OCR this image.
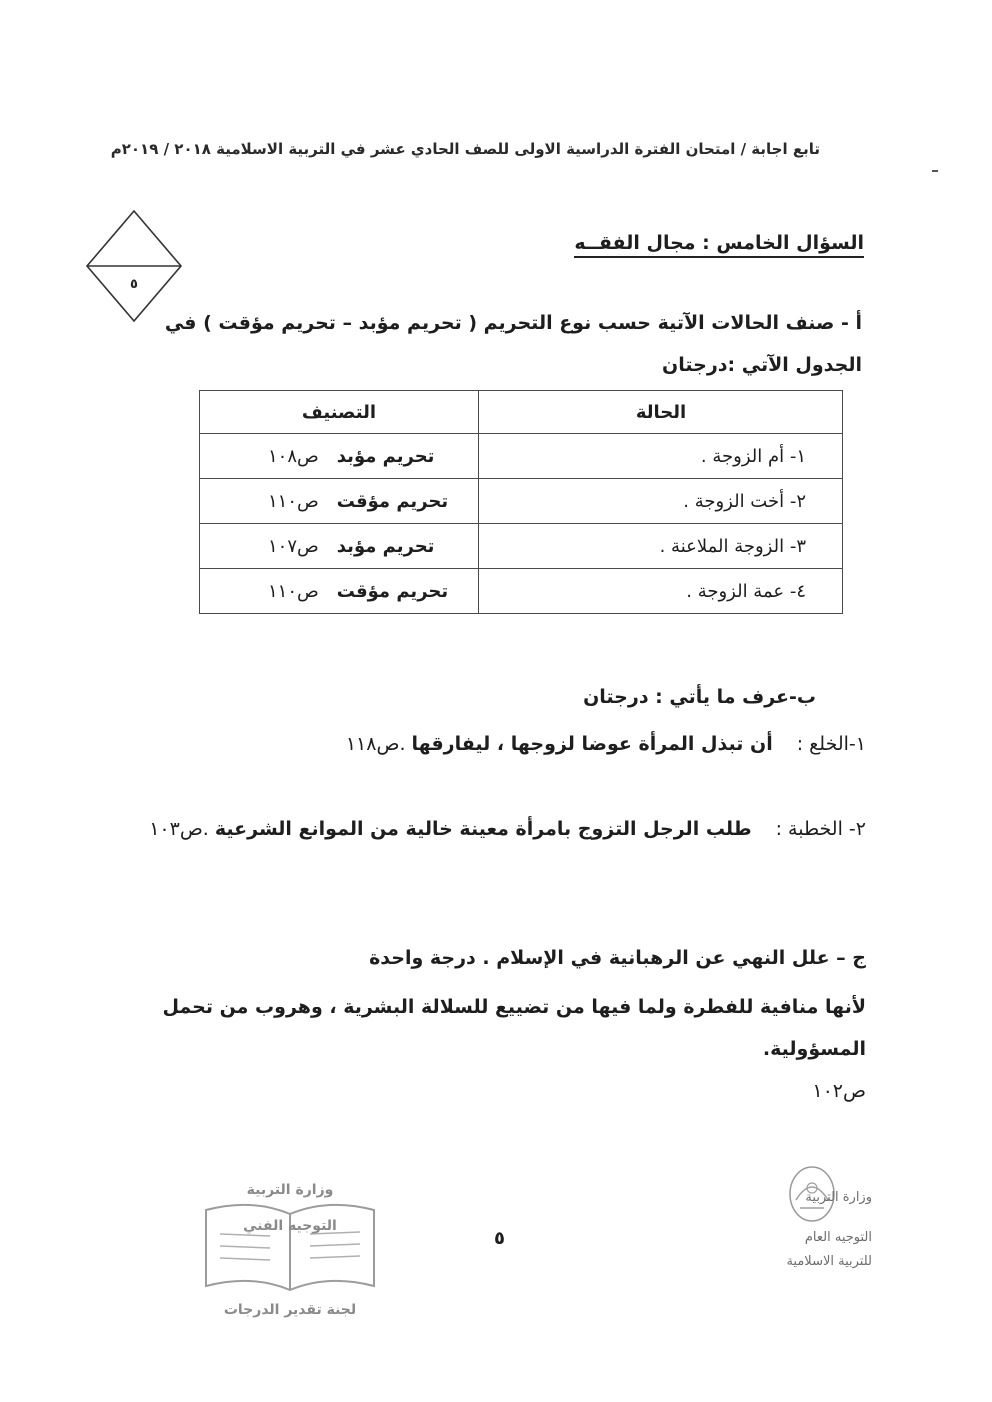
تابع اجابة / امتحان الفترة الدراسية الاولى للصف الحادي عشر في التربية الاسلامية ٢٠١٨ / ٢٠١٩م
٥
السؤال الخامس : مجال الفقــه
أ - صنف الحالات الآتية حسب نوع التحريم ( تحريم مؤبد – تحريم مؤقت ) في الجدول الآتي :درجتان
الحالة	التصنيف
١- أم الزوجة .	تحريم مؤبدص١٠٨
٢- أخت الزوجة .	تحريم مؤقتص١١٠
٣- الزوجة الملاعنة .	تحريم مؤبدص١٠٧
٤- عمة الزوجة .	تحريم مؤقتص١١٠
ب-عرف ما يأتي : درجتان
١-الخلع :أن تبذل المرأة عوضا لزوجها ، ليفارقها .ص١١٨
٢- الخطبة :طلب الرجل التزوج بامرأة معينة خالية من الموانع الشرعية .ص١٠٣
ج – علل النهي عن الرهبانية في الإسلام . درجة واحدة
لأنها منافية للفطرة ولما فيها من تضييع للسلالة البشرية ، وهروب من تحمل المسؤولية.
ص١٠٢
٥
وزارة التربية
التوجيه العام
للتربية الاسلامية
وزارة التربية
التوجيه الفني
لجنة تقدير الدرجات
